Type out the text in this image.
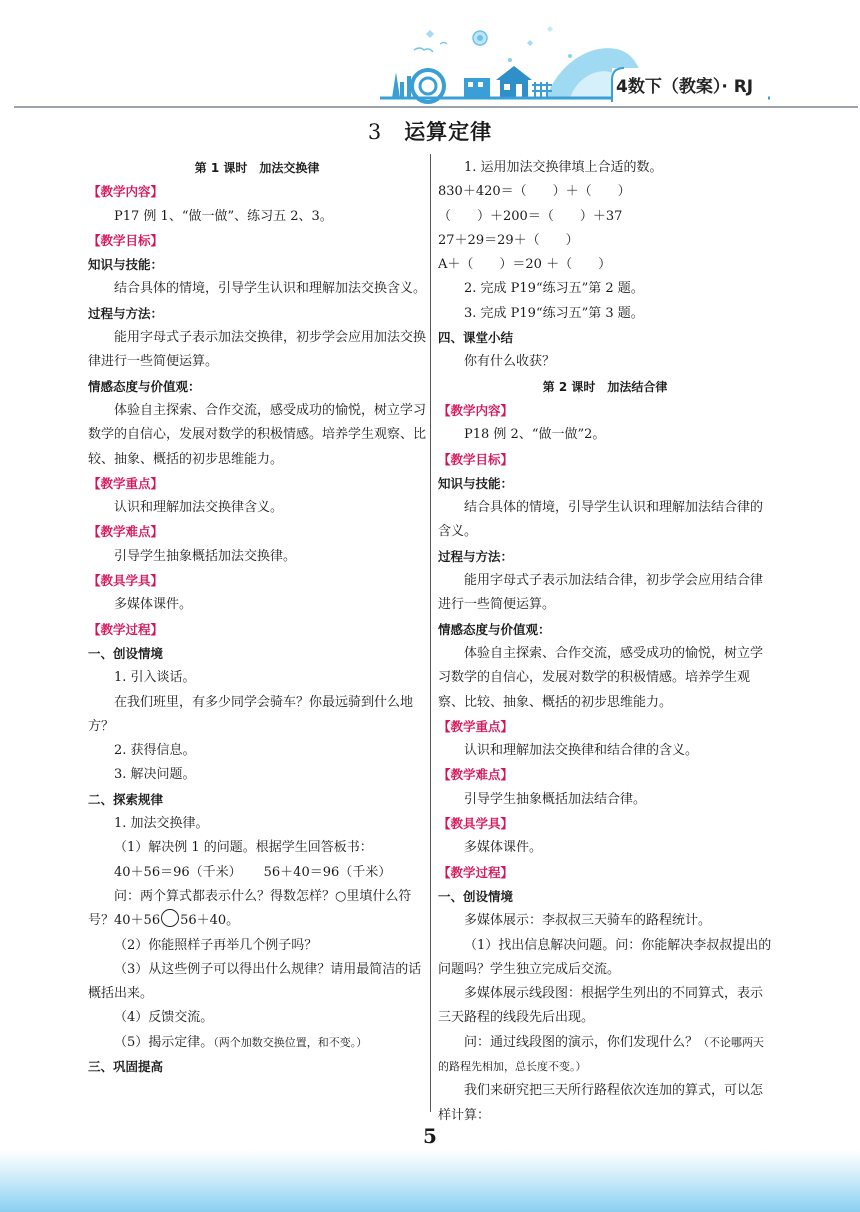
4数下（教案）· RJ
3 运算定律
第 1 课时　加法交换律
【教学内容】
P17 例 1、“做一做”、练习五 2、3。
【教学目标】
知识与技能：
结合具体的情境，引导学生认识和理解加法交换含义。
过程与方法：
能用字母式子表示加法交换律，初步学会应用加法交换律进行一些简便运算。
情感态度与价值观：
体验自主探索、合作交流，感受成功的愉悦，树立学习数学的自信心，发展对数学的积极情感。培养学生观察、比较、抽象、概括的初步思维能力。
【教学重点】
认识和理解加法交换律含义。
【教学难点】
引导学生抽象概括加法交换律。
【教具学具】
多媒体课件。
【教学过程】
一、创设情境
1. 引入谈话。
在我们班里，有多少同学会骑车？你最远骑到什么地方？
2. 获得信息。
3. 解决问题。
二、探索规律
1. 加法交换律。
（1）解决例 1 的问题。根据学生回答板书：
40＋56＝96（千米） 56＋40＝96（千米）
问：两个算式都表示什么？得数怎样？○里填什么符号？40＋56 56＋40。
（2）你能照样子再举几个例子吗？
（3）从这些例子可以得出什么规律？请用最简洁的话概括出来。
（4）反馈交流。
（5）揭示定律。（两个加数交换位置，和不变。）
三、巩固提高
1. 运用加法交换律填上合适的数。
830＋420＝（　　）＋（　　）
（　　）＋200＝（　　）＋37
27＋29＝29＋（　　）
A＋（　　）＝20 ＋（　　）
2. 完成 P19“练习五”第 2 题。
3. 完成 P19“练习五”第 3 题。
四、课堂小结
你有什么收获？
第 2 课时　加法结合律
【教学内容】
P18 例 2、“做一做”2。
【教学目标】
知识与技能：
结合具体的情境，引导学生认识和理解加法结合律的含义。
过程与方法：
能用字母式子表示加法结合律，初步学会应用结合律进行一些简便运算。
情感态度与价值观：
体验自主探索、合作交流，感受成功的愉悦，树立学习数学的自信心，发展对数学的积极情感。培养学生观察、比较、抽象、概括的初步思维能力。
【教学重点】
认识和理解加法交换律和结合律的含义。
【教学难点】
引导学生抽象概括加法结合律。
【教具学具】
多媒体课件。
【教学过程】
一、创设情境
多媒体展示：李叔叔三天骑车的路程统计。
（1）找出信息解决问题。问：你能解决李叔叔提出的问题吗？学生独立完成后交流。
多媒体展示线段图：根据学生列出的不同算式，表示三天路程的线段先后出现。
问：通过线段图的演示，你们发现什么？（不论哪两天的路程先相加，总长度不变。）
我们来研究把三天所行路程依次连加的算式，可以怎样计算：
5
